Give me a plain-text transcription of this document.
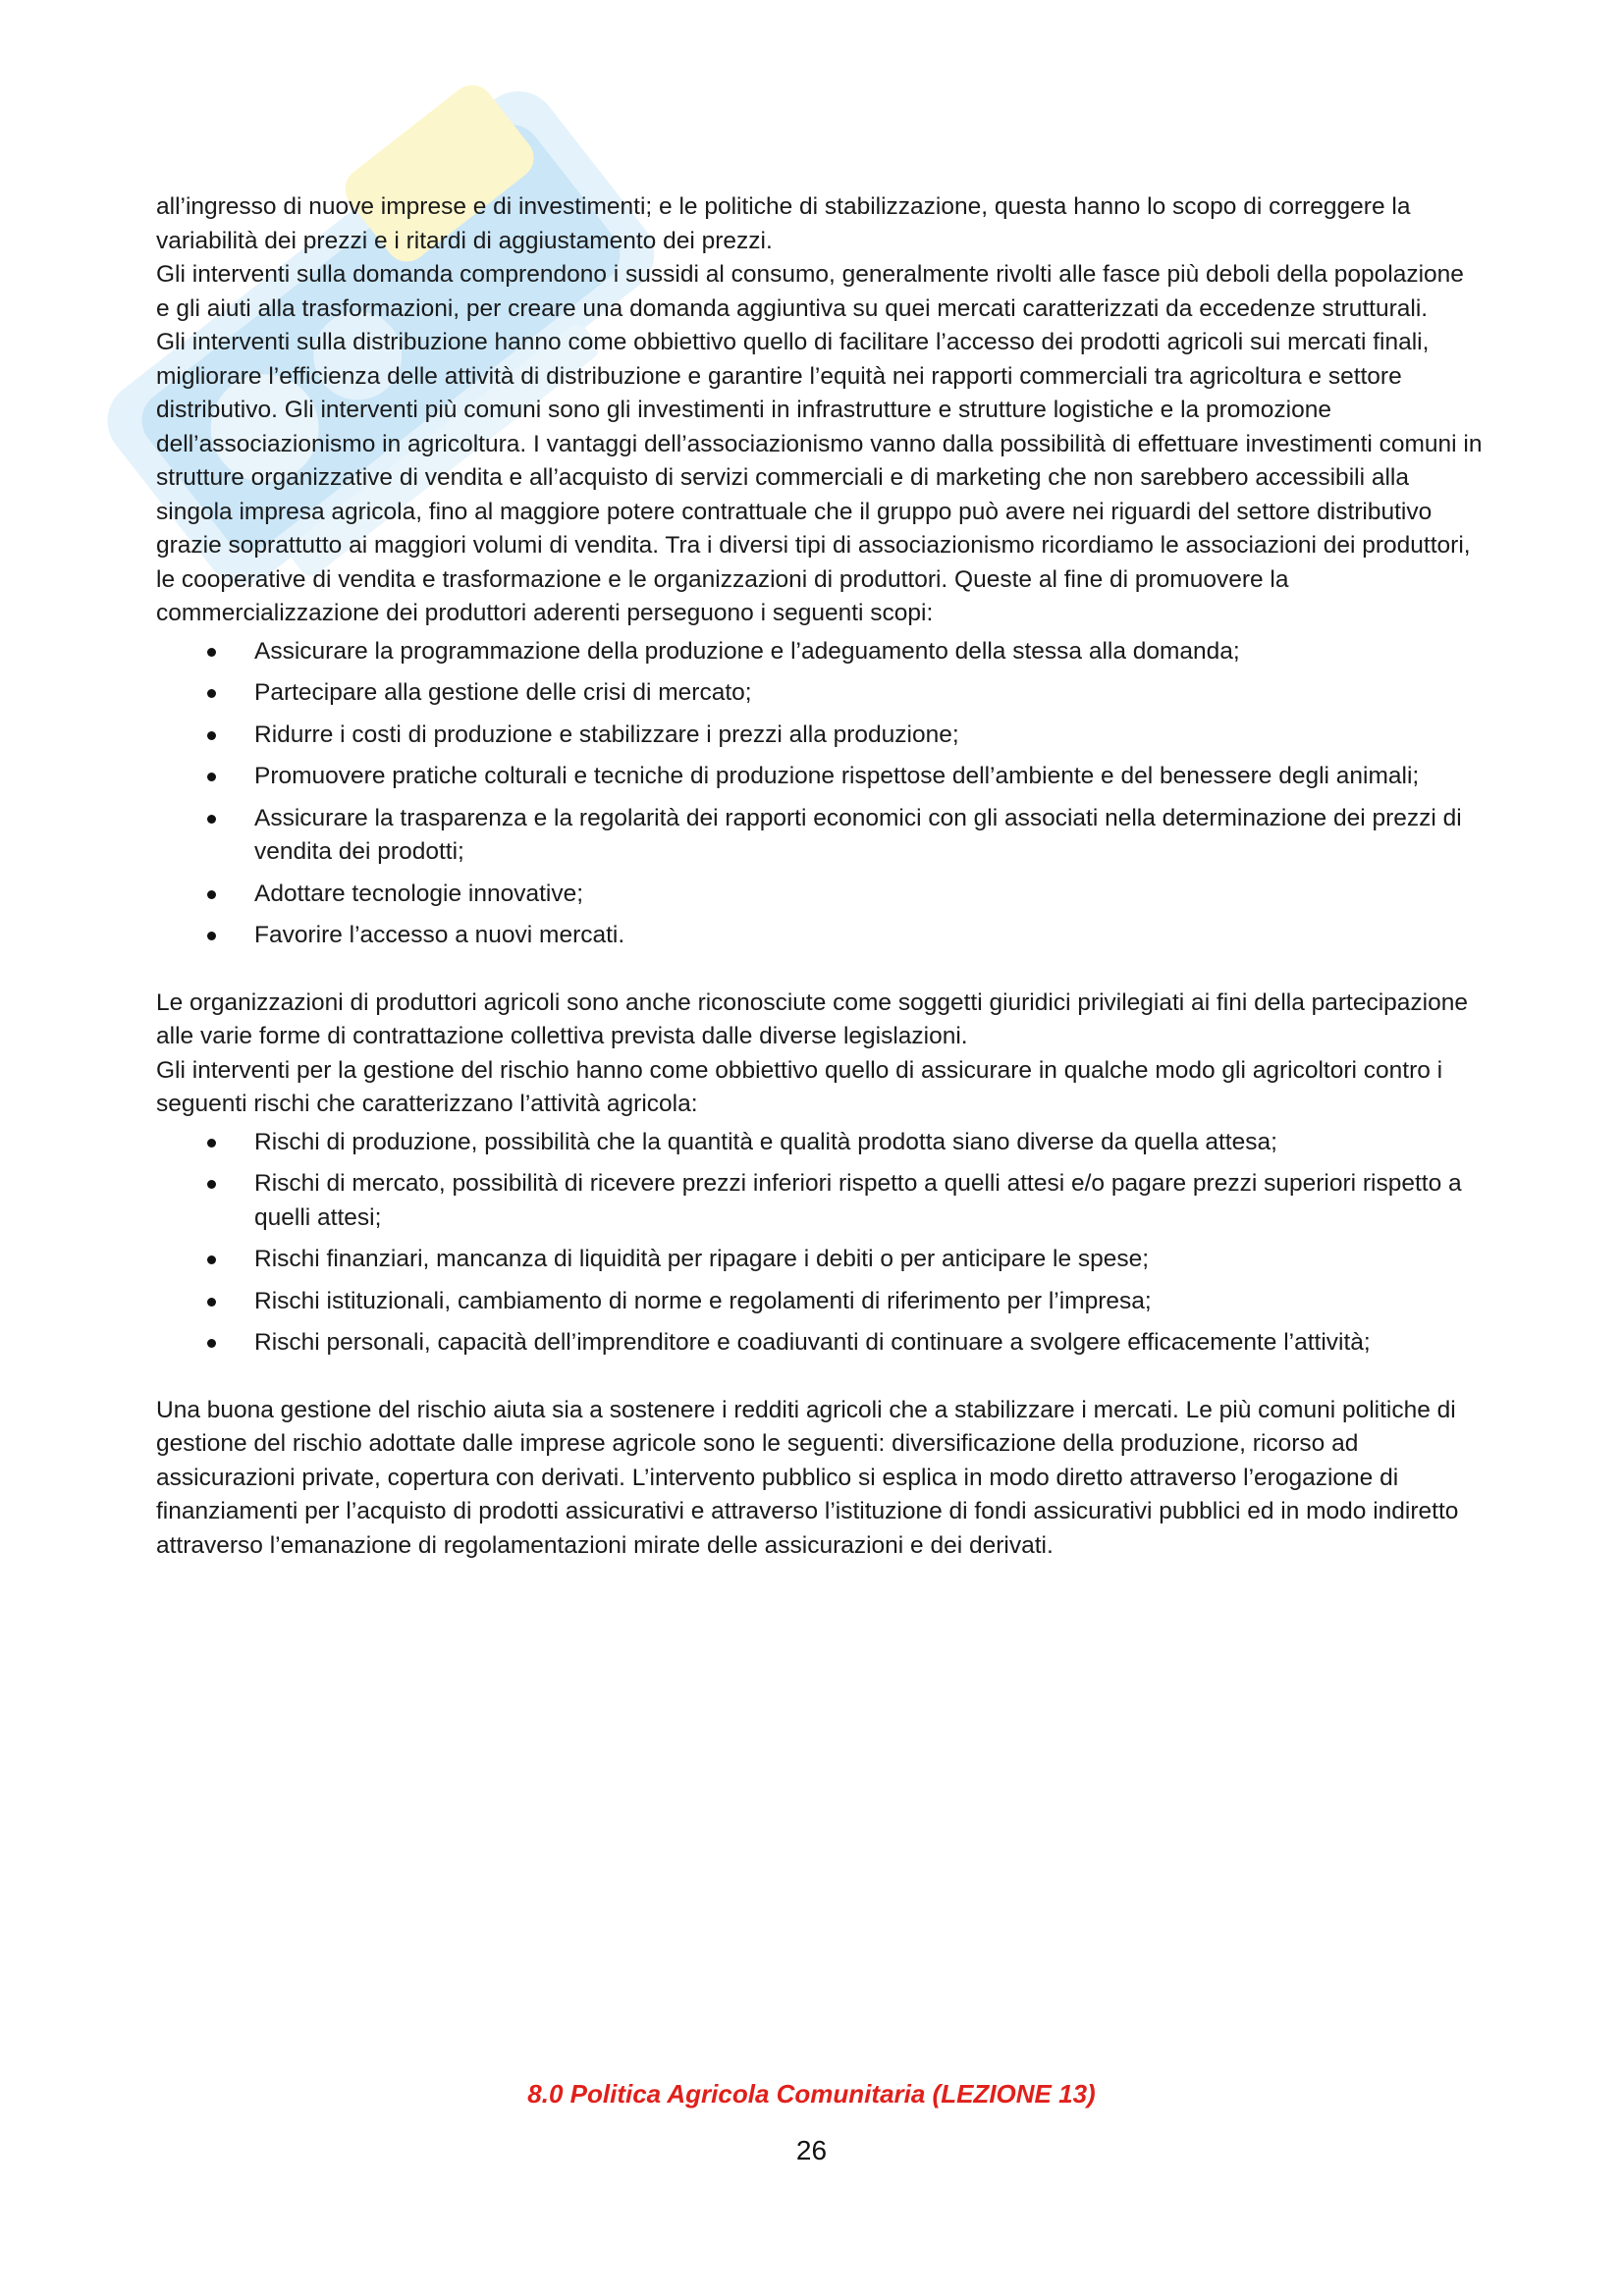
all’ingresso di nuove imprese e di investimenti; e le politiche di stabilizzazione, questa hanno lo scopo di correggere la variabilità dei prezzi e i ritardi di aggiustamento dei prezzi.

Gli interventi sulla domanda comprendono i sussidi al consumo, generalmente rivolti alle fasce più deboli della popolazione e gli aiuti alla trasformazioni, per creare una domanda aggiuntiva su quei mercati caratterizzati da eccedenze strutturali.

Gli interventi sulla distribuzione hanno come obbiettivo quello di facilitare l’accesso dei prodotti agricoli sui mercati finali, migliorare l’efficienza delle attività di distribuzione e garantire l’equità nei rapporti commerciali tra agricoltura e settore distributivo. Gli interventi più comuni sono gli investimenti in infrastrutture e strutture logistiche e la promozione dell’associazionismo in agricoltura. I vantaggi dell’associazionismo vanno dalla possibilità di effettuare investimenti comuni in strutture organizzative di vendita e all’acquisto di servizi commerciali e di marketing che non sarebbero accessibili alla singola impresa agricola, fino al maggiore potere contrattuale che il gruppo può avere nei riguardi del settore distributivo grazie soprattutto ai maggiori volumi di vendita. Tra i diversi tipi di associazionismo ricordiamo le associazioni dei produttori, le cooperative di vendita e trasformazione e le organizzazioni di produttori. Queste al fine di promuovere la commercializzazione dei produttori aderenti perseguono i seguenti scopi:

Assicurare la programmazione della produzione e l’adeguamento della stessa alla domanda;
Partecipare alla gestione delle crisi di mercato;
Ridurre i costi di produzione e stabilizzare i prezzi alla produzione;
Promuovere pratiche colturali e tecniche di produzione rispettose dell’ambiente e del benessere degli animali;
Assicurare la trasparenza e la regolarità dei rapporti economici con gli associati nella determinazione dei prezzi di vendita dei prodotti;
Adottare tecnologie innovative;
Favorire l’accesso a nuovi mercati.

Le organizzazioni di produttori agricoli sono anche riconosciute come soggetti giuridici privilegiati ai fini della partecipazione alle varie forme di contrattazione collettiva prevista dalle diverse legislazioni.

Gli interventi per la gestione del rischio hanno come obbiettivo quello di assicurare in qualche modo gli agricoltori contro i seguenti rischi che caratterizzano l’attività agricola:

Rischi di produzione, possibilità che la quantità e qualità prodotta siano diverse da quella attesa;
Rischi di mercato, possibilità di ricevere prezzi inferiori rispetto a quelli attesi e/o pagare prezzi superiori rispetto a quelli attesi;
Rischi finanziari, mancanza di liquidità per ripagare i debiti o per anticipare le spese;
Rischi istituzionali, cambiamento di norme e regolamenti di riferimento per l’impresa;
Rischi personali, capacità dell’imprenditore e coadiuvanti di continuare a svolgere efficacemente l’attività;

Una buona gestione del rischio aiuta sia a sostenere i redditi agricoli che a stabilizzare i mercati. Le più comuni politiche di gestione del rischio adottate dalle imprese agricole sono le seguenti: diversificazione della produzione, ricorso ad assicurazioni private, copertura con derivati. L’intervento pubblico si esplica in modo diretto attraverso l’erogazione di finanziamenti per l’acquisto di prodotti assicurativi e attraverso l’istituzione di fondi assicurativi pubblici ed in modo indiretto attraverso l’emanazione di regolamentazioni mirate delle assicurazioni e dei derivati.

8.0 Politica Agricola Comunitaria (LEZIONE 13)
26
